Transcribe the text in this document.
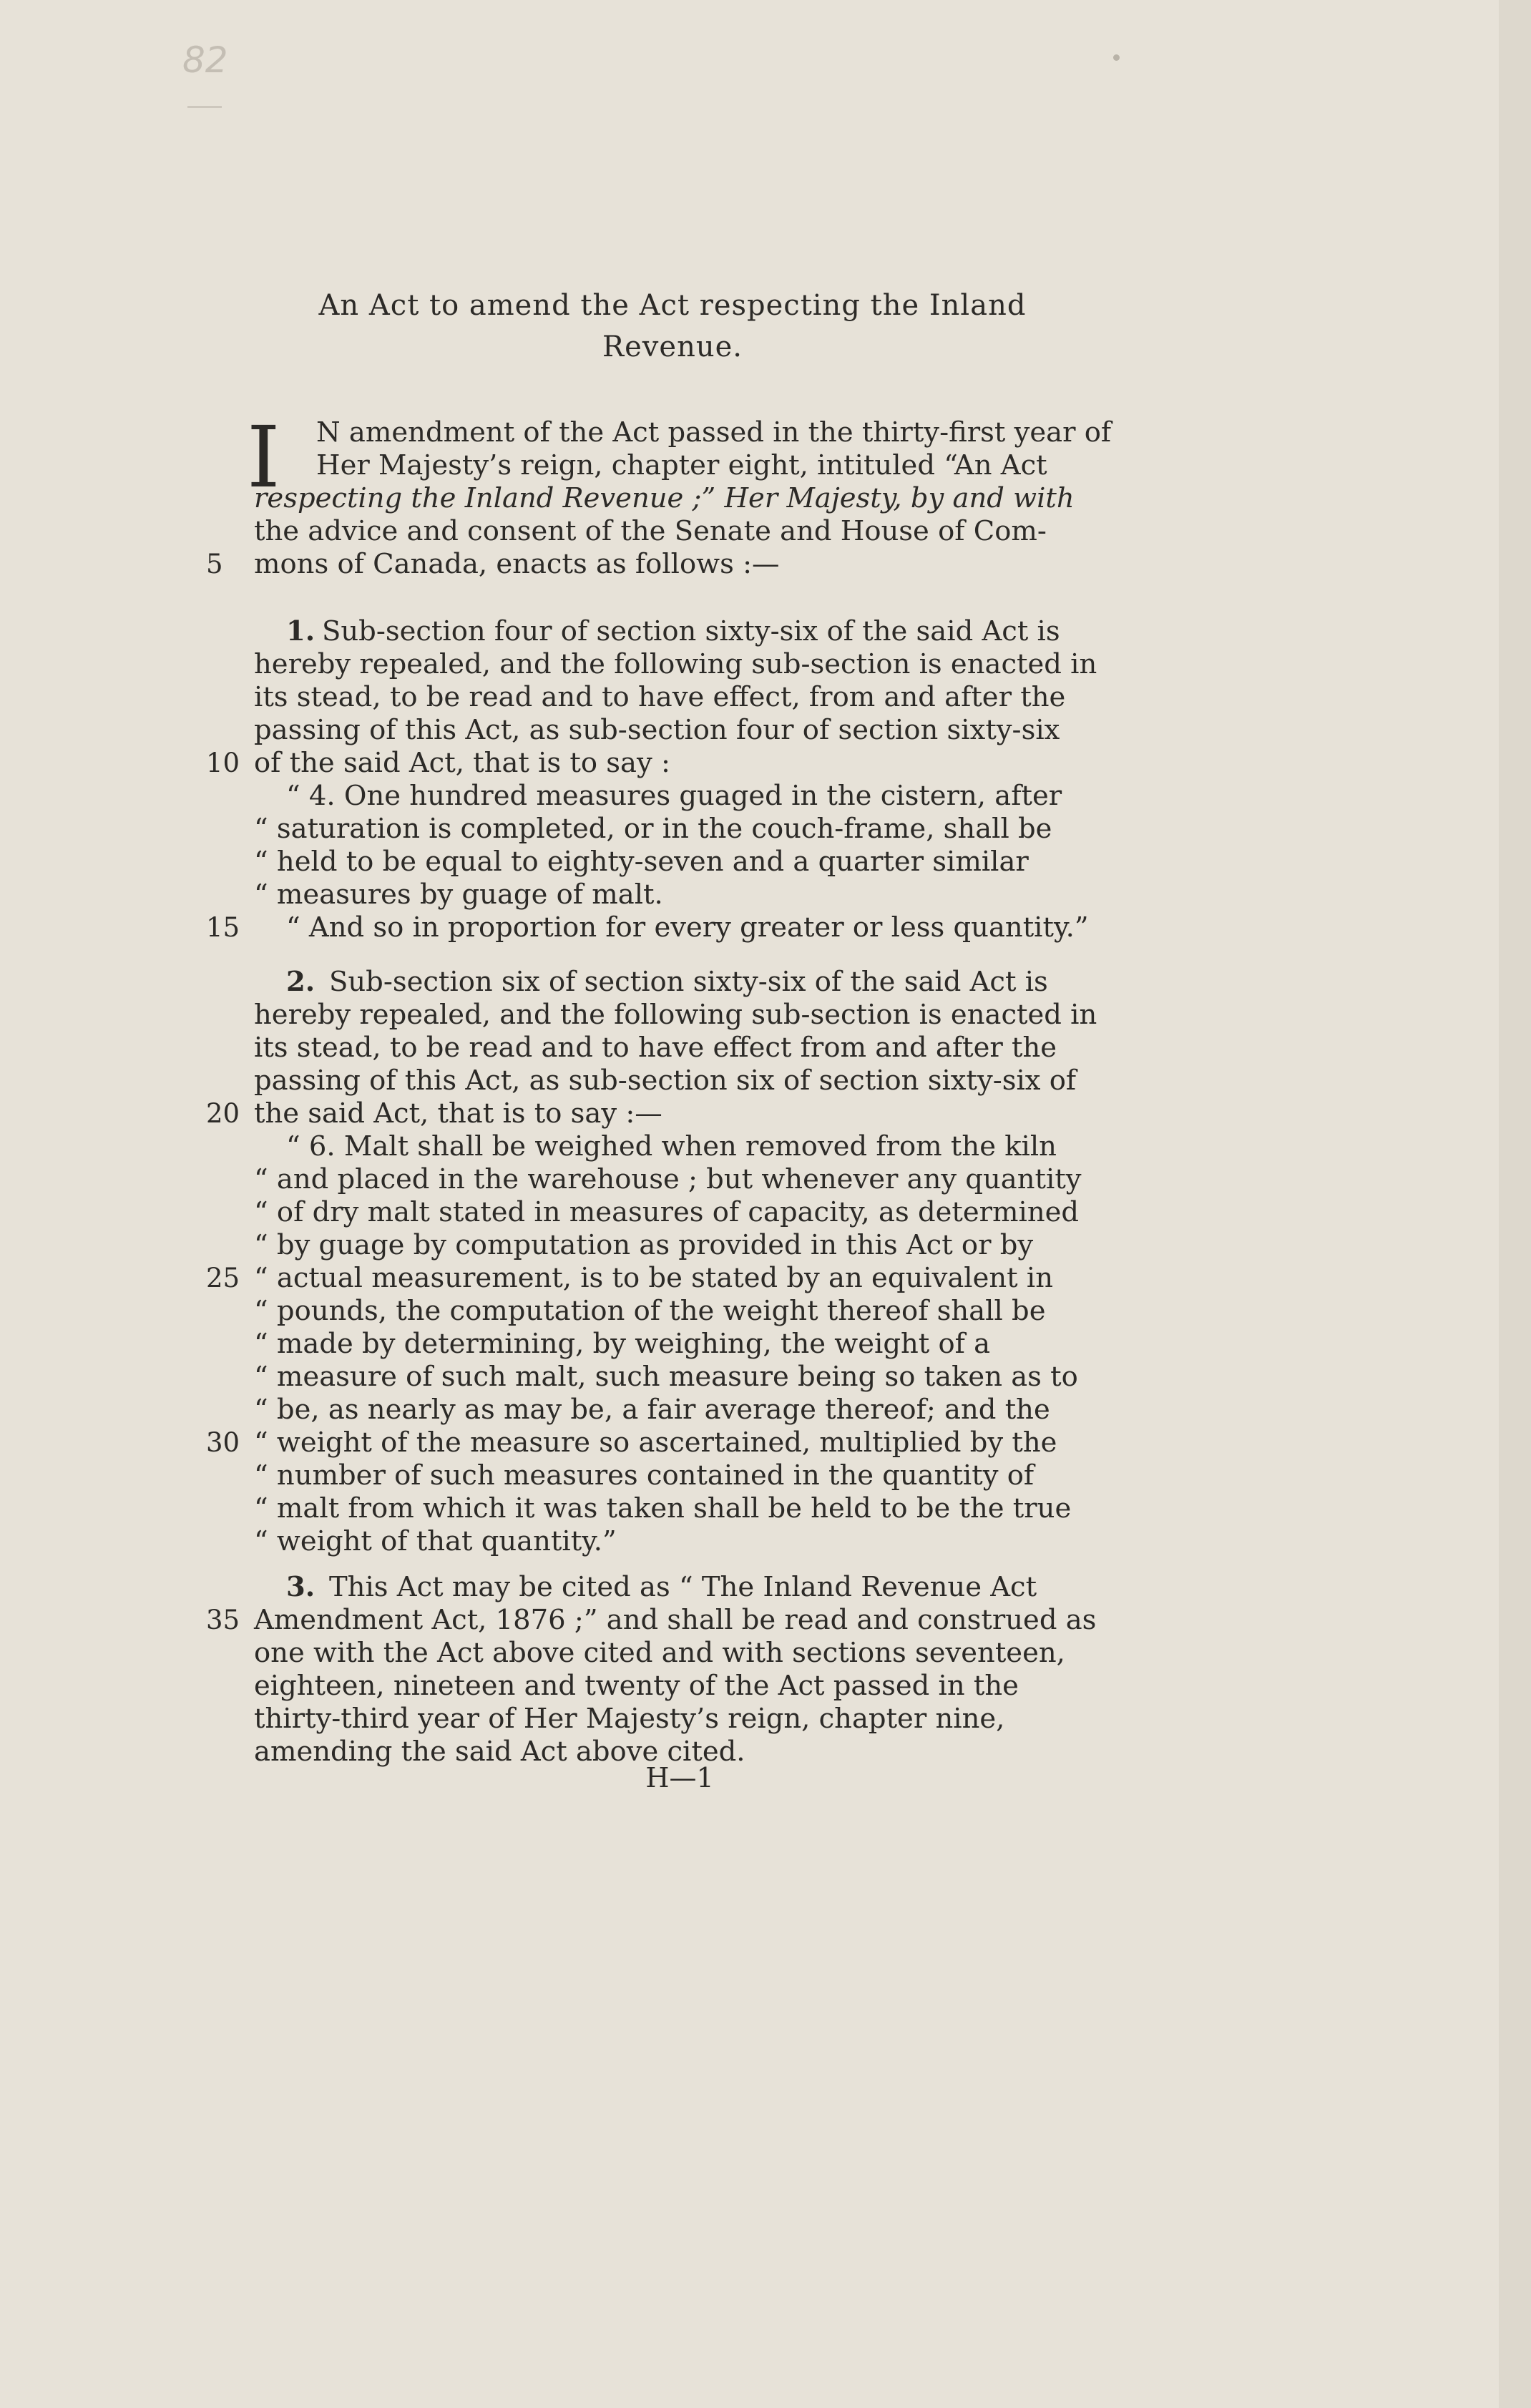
82
An Act to amend the Act respecting the Inland
Revenue.
I N amendment of the Act passed in the thirty-first year of
Her Majesty’s reign, chapter eight, intituled “An Act
respecting the Inland Revenue ;” Her Majesty, by and with
the advice and consent of the Senate and House of Com-
5	mons of Canada, enacts as follows :—
1. Sub-section four of section sixty-six of the said Act is
hereby repealed, and the following sub-section is enacted in
its stead, to be read and to have effect, from and after the
passing of this Act, as sub-section four of section sixty-six
10 of the said Act, that is to say :
“ 4. One hundred measures guaged in the cistern, after
“ saturation is completed, or in the couch-frame, shall be
“ held to be equal to eighty-seven and a quarter similar
“ measures by guage of malt.
15	“ And so in proportion for every greater or less quantity.”
2. Sub-section six of section sixty-six of the said Act is
hereby repealed, and the following sub-section is enacted in
its stead, to be read and to have effect from and after the
passing of this Act, as sub-section six of section sixty-six of
20 the said Act, that is to say :—
“ 6. Malt shall be weighed when removed from the kiln
“ and placed in the warehouse ; but whenever any quantity
“ of dry malt stated in measures of capacity, as determined
“ by guage by computation as provided in this Act or by
25 “ actual measurement, is to be stated by an equivalent in
“ pounds, the computation of the weight thereof shall be
“ made by determining, by weighing, the weight of a
“ measure of such malt, such measure being so taken as to
“ be, as nearly as may be, a fair average thereof; and the
30 “ weight of the measure so ascertained, multiplied by the
“ number of such measures contained in the quantity of
“ malt from which it was taken shall be held to be the true
“ weight of that quantity.”
3. This Act may be cited as “ The Inland Revenue Act
35 Amendment Act, 1876 ;” and shall be read and construed as
one with the Act above cited and with sections seventeen,
eighteen, nineteen and twenty of the Act passed in the
thirty-third year of Her Majesty’s reign, chapter nine,
amending the said Act above cited.
H—1
